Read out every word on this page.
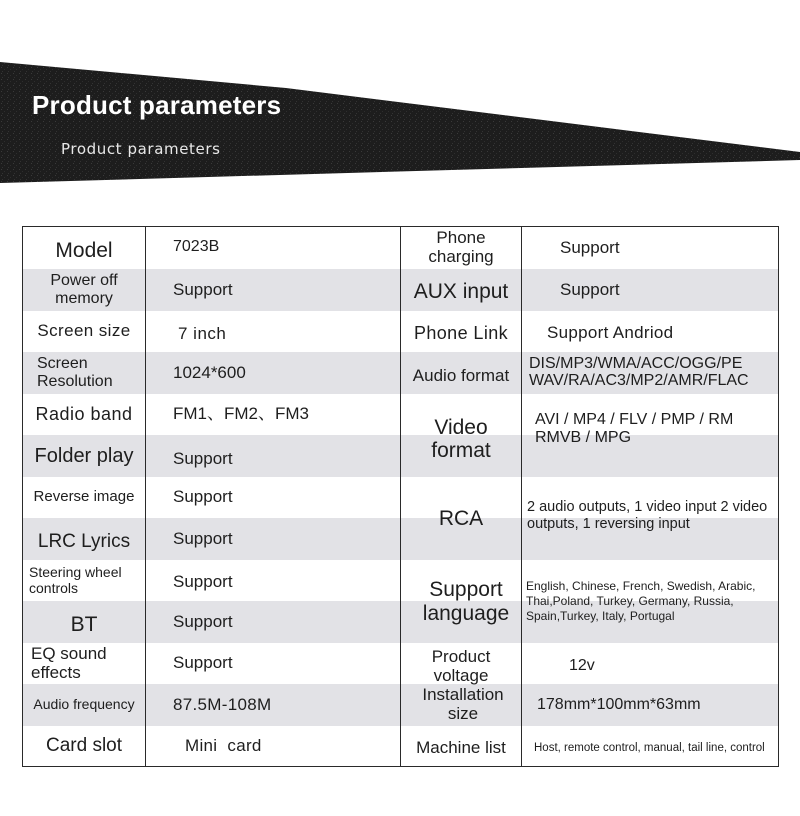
Product parameters
Product parameters
Model
Power off memory
Screen size
Screen Resolution
Radio band
Folder play
Reverse image
LRC Lyrics
Steering wheel controls
BT
EQ sound effects
Audio frequency
Card slot
7023B
Support
7 inch
1024*600
FM1、FM2、FM3
Support
Support
Support
Support
Support
Support
87.5M-108M
Mini  card
Phone charging
AUX input
Phone Link
Audio format
Video format
RCA
Support language
Product voltage
Installation size
Machine list
Support
Support
Support Andriod
DIS/MP3/WMA/ACC/OGG/PE WAV/RA/AC3/MP2/AMR/FLAC
AVI / MP4 / FLV / PMP / RM RMVB / MPG
2 audio outputs, 1 video input 2 video outputs, 1 reversing input
English, Chinese, French, Swedish, Arabic, Thai,Poland, Turkey, Germany, Russia, Spain,Turkey, Italy, Portugal
12v
178mm*100mm*63mm
Host, remote control, manual, tail line, control
